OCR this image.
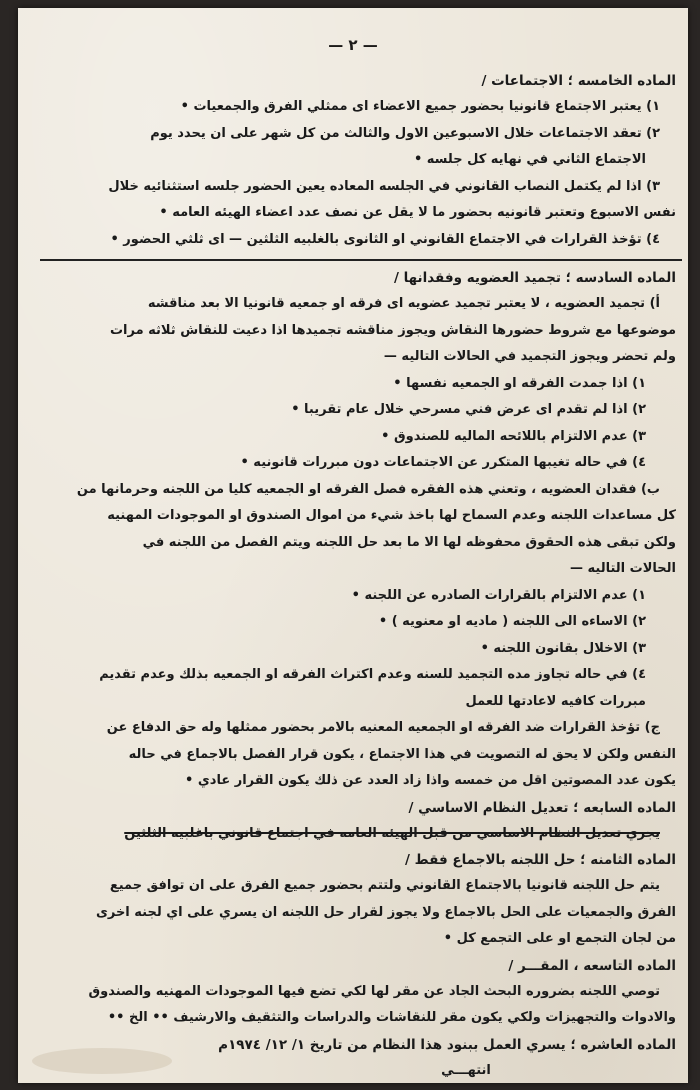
— ٢ —
الماده الخامسه ؛ الاجتماعات /

١) يعتبر الاجتماع قانونيا بحضور جميع الاعضاء اى ممثلي الفرق والجمعيات •

٢) تعقد الاجتماعات خلال الاسبوعين الاول والثالث من كل شهر على ان يحدد يوم

الاجتماع الثاني في نهايه كل جلسه •

٣) اذا لم يكتمل النصاب القانوني في الجلسه المعاده يعين الحضور جلسه استثنائيه خلال

نفس الاسبوع وتعتبر قانونيه بحضور ما لا يقل عن نصف عدد اعضاء الهيئه العامه •

٤) تؤخذ القرارات في الاجتماع القانوني او الثانوى بالغلبيه الثلثين — اى ثلثي الحضور •

الماده السادسه ؛ تجميد العضويه وفقدانها /

أ) تجميد العضويه ، لا يعتبر تجميد عضويه اى فرقه او جمعيه قانونيا الا بعد مناقشه

موضوعها مع شروط حضورها النقاش ويجوز مناقشه تجميدها اذا دعيت للنقاش ثلاثه مرات

ولم تحضر ويجوز التجميد في الحالات التاليه —

١) اذا جمدت الفرقه او الجمعيه نفسها •

٢) اذا لم تقدم اى عرض فني مسرحي خلال عام تقريبا •

٣) عدم الالتزام باللائحه الماليه للصندوق •

٤) في حاله تغيبها المتكرر عن الاجتماعات دون مبررات قانونيه •

ب) فقدان العضويه ، وتعني هذه الفقره فصل الفرقه او الجمعيه كليا من اللجنه وحرمانها من

كل مساعدات اللجنه وعدم السماح لها باخذ شيء من اموال الصندوق او الموجودات المهنيه

ولكن تبقى هذه الحقوق محفوظه لها الا ما بعد حل اللجنه ويتم الفصل من اللجنه في

الحالات التاليه —

١) عدم الالتزام بالقرارات الصادره عن اللجنه •

٢) الاساءه الى اللجنه ( ماديه او معنويه ) •

٣) الاخلال بقانون اللجنه •

٤) في حاله تجاوز مده التجميد للسنه وعدم اكتراث الفرقه او الجمعيه بذلك وعدم تقديم

مبررات كافيه لاعادتها للعمل

ج) تؤخذ القرارات ضد الفرقه او الجمعيه المعنيه بالامر بحضور ممثلها وله حق الدفاع عن

النفس ولكن لا يحق له التصويت في هذا الاجتماع ، يكون قرار الفصل بالاجماع في حاله

يكون عدد المصوتين اقل من خمسه واذا زاد العدد عن ذلك يكون القرار عادي •

الماده السابعه ؛ تعديل النظام الاساسي /

يجري تعديل النظام الاساسي من قبل الهيئه العامه في اجتماع قانوني باغلبيه الثلثين

الماده الثامنه ؛ حل اللجنه بالاجماع فقط /

يتم حل اللجنه قانونيا بالاجتماع القانوني ولتتم بحضور جميع الفرق على ان توافق جميع

الفرق والجمعيات على الحل بالاجماع ولا يجوز لقرار حل اللجنه ان يسري على اي لجنه اخرى

من لجان التجمع او على التجمع كل •

الماده التاسعه ، المقـــر /

توصي اللجنه بضروره البحث الجاد عن مقر لها لكي تضع فيها الموجودات المهنيه والصندوق

والادوات والتجهيزات ولكي يكون مقر للنقاشات والدراسات والتثقيف والارشيف •• الخ ••

الماده العاشره ؛ يسري العمل ببنود هذا النظام من تاريخ ١/ ١٢/ ١٩٧٤م
انتهـــي
